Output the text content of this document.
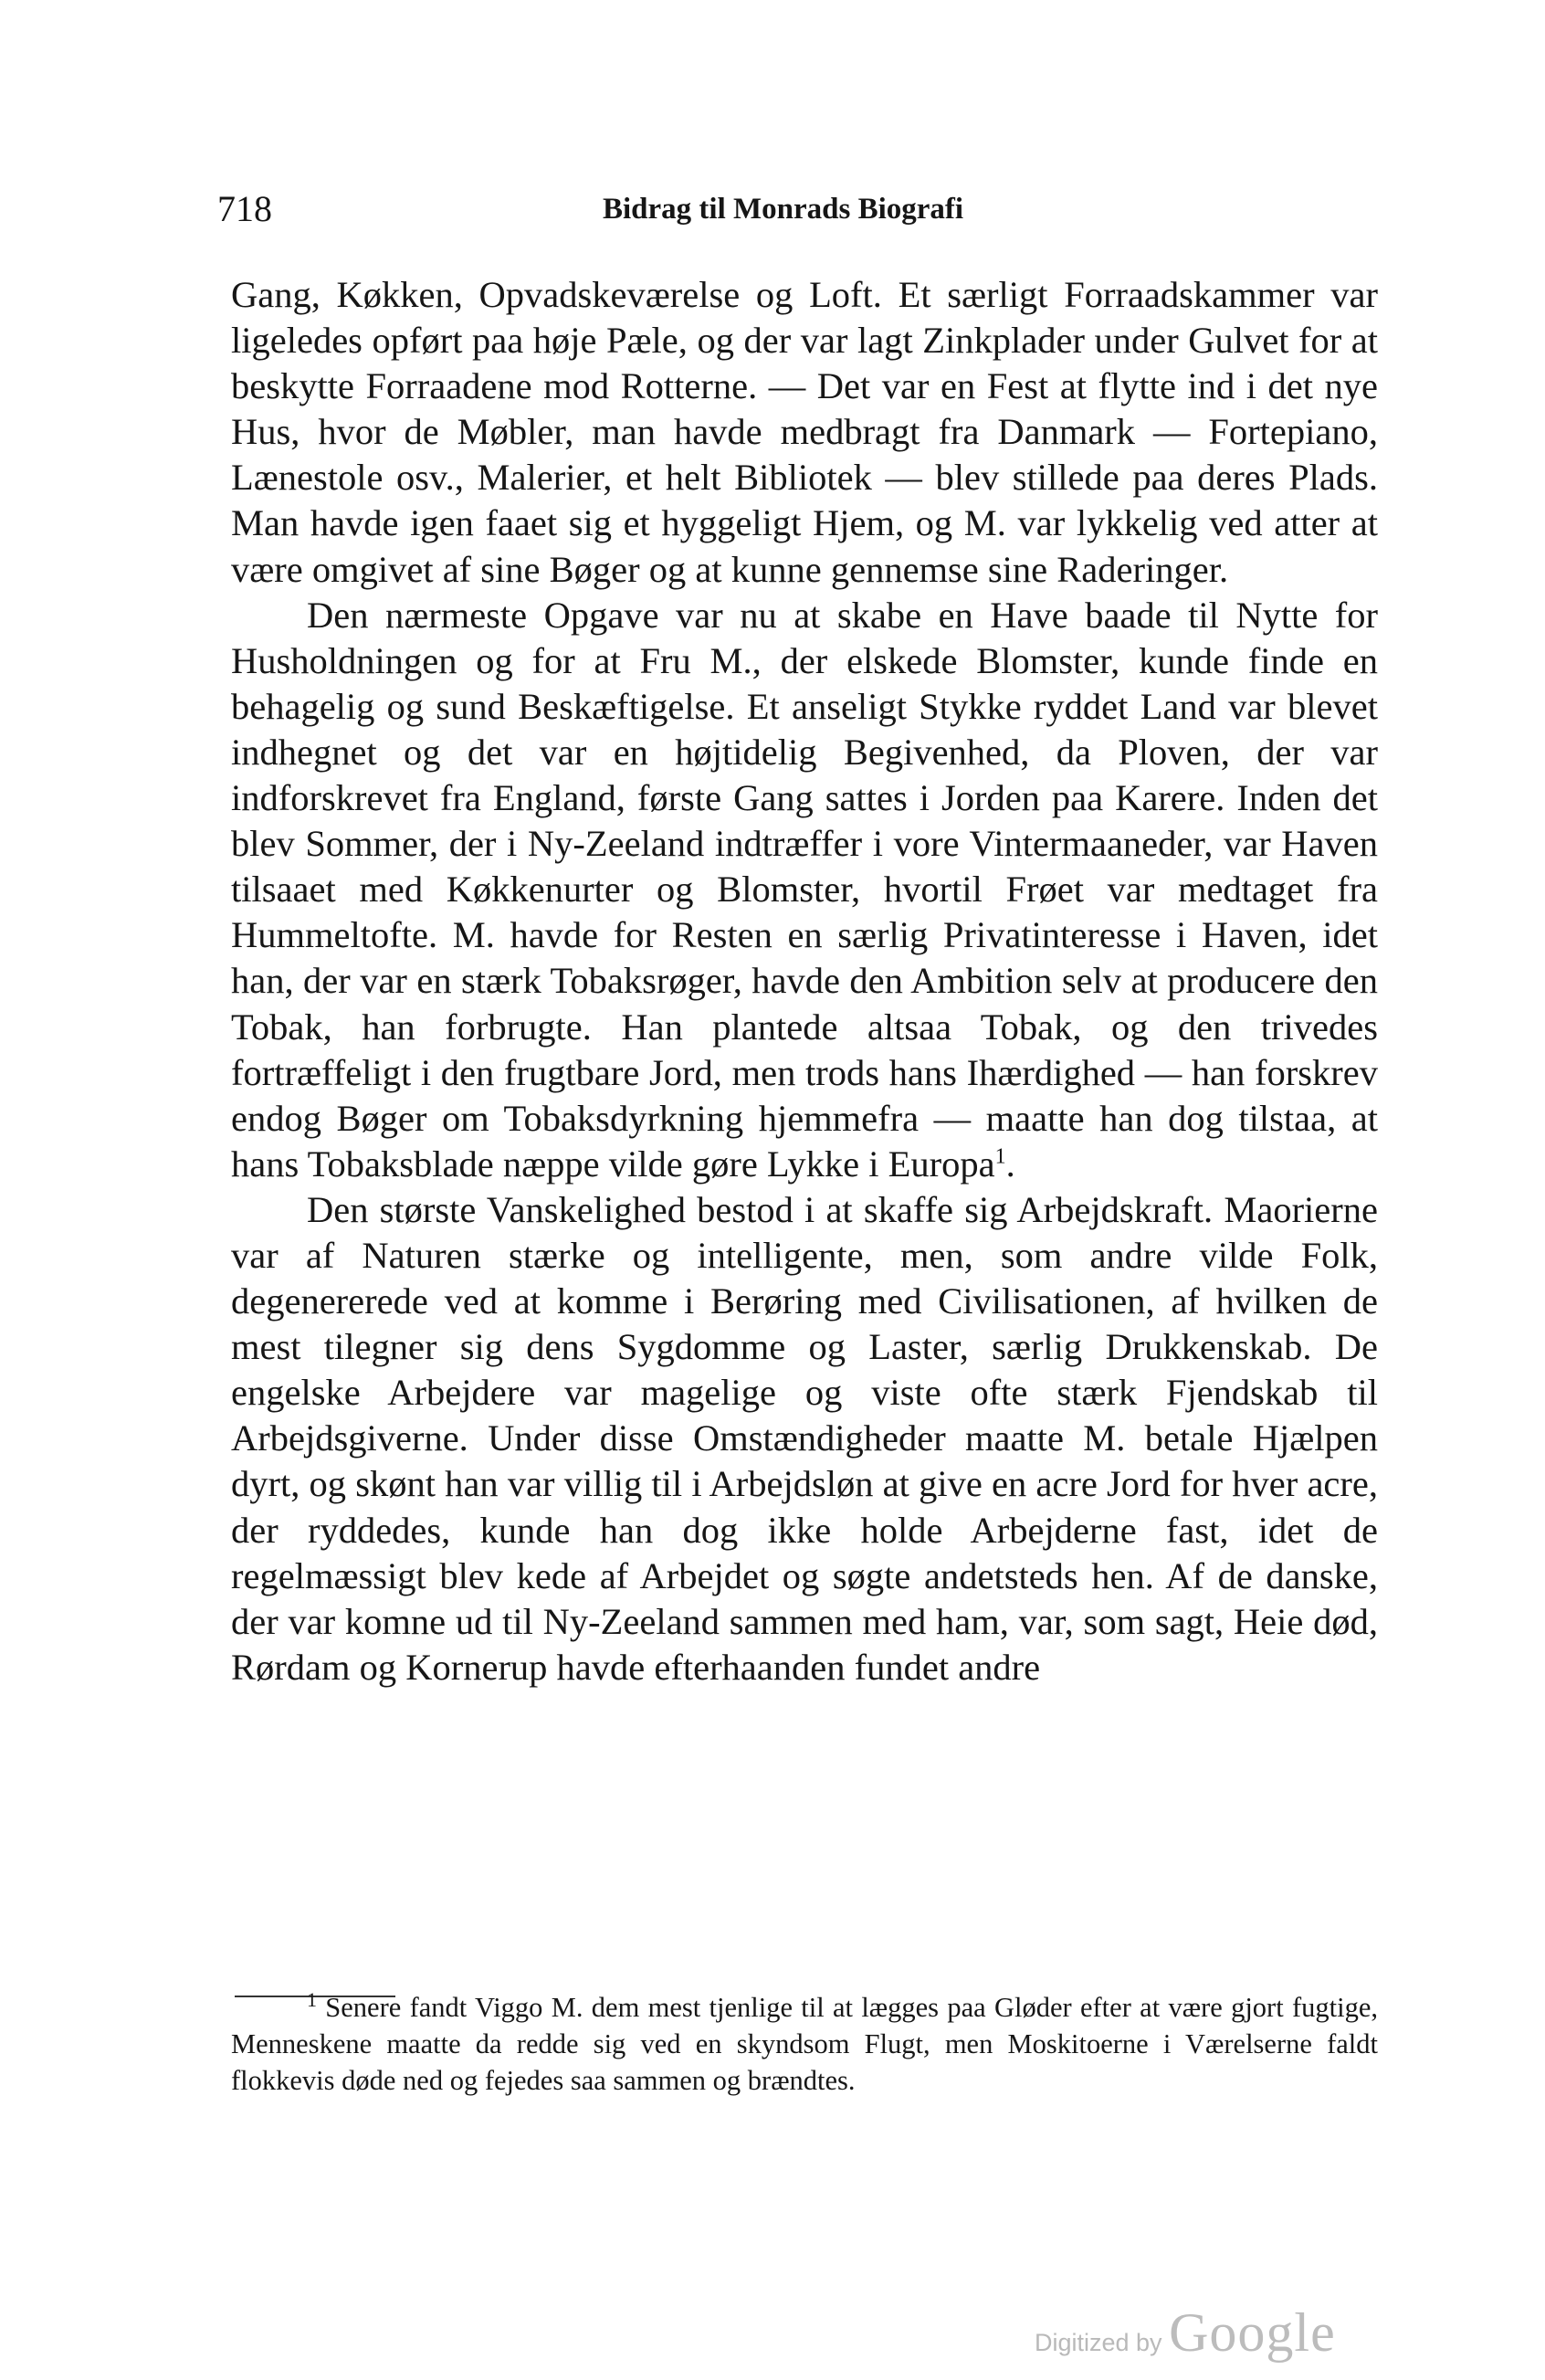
718	Bidrag til Monrads Biografi

Gang, Køkken, Opvadskeværelse og Loft. Et særligt Forraadskammer var ligeledes opført paa høje Pæle, og der var lagt Zinkplader under Gulvet for at beskytte Forraadene mod Rotterne. — Det var en Fest at flytte ind i det nye Hus, hvor de Møbler, man havde medbragt fra Danmark — Fortepiano, Lænestole osv., Malerier, et helt Bibliotek — blev stillede paa deres Plads. Man havde igen faaet sig et hyggeligt Hjem, og M. var lykkelig ved atter at være omgivet af sine Bøger og at kunne gennemse sine Raderinger.

Den nærmeste Opgave var nu at skabe en Have baade til Nytte for Husholdningen og for at Fru M., der elskede Blomster, kunde finde en behagelig og sund Beskæftigelse. Et anseligt Stykke ryddet Land var blevet indhegnet og det var en højtidelig Begivenhed, da Ploven, der var indforskrevet fra England, første Gang sattes i Jorden paa Karere. Inden det blev Sommer, der i Ny-Zeeland indtræffer i vore Vintermaaneder, var Haven tilsaaet med Køkkenurter og Blomster, hvortil Frøet var medtaget fra Hummeltofte. M. havde for Resten en særlig Privatinteresse i Haven, idet han, der var en stærk Tobaksrøger, havde den Ambition selv at producere den Tobak, han forbrugte. Han plantede altsaa Tobak, og den trivedes fortræffeligt i den frugtbare Jord, men trods hans Ihærdighed — han forskrev endog Bøger om Tobaksdyrkning hjemmefra — maatte han dog tilstaa, at hans Tobaksblade næppe vilde gøre Lykke i Europa$^1$.

Den største Vanskelighed bestod i at skaffe sig Arbejdskraft. Maorierne var af Naturen stærke og intelligente, men, som andre vilde Folk, degenererede ved at komme i Berøring med Civilisationen, af hvilken de mest tilegner sig dens Sygdomme og Laster, særlig Drukkenskab. De engelske Arbejdere var magelige og viste ofte stærk Fjendskab til Arbejdsgiverne. Under disse Omstændigheder maatte M. betale Hjælpen dyrt, og skønt han var villig til i Arbejdsløn at give en acre Jord for hver acre, der ryddedes, kunde han dog ikke holde Arbejderne fast, idet de regelmæssigt blev kede af Arbejdet og søgte andetsteds hen. Af de danske, der var komne ud til Ny-Zeeland sammen med ham, var, som sagt, Heie død, Rørdam og Kornerup havde efterhaanden fundet andre

$^1$ Senere fandt Viggo M. dem mest tjenlige til at lægges paa Gløder efter at være gjort fugtige, Menneskene maatte da redde sig ved en skyndsom Flugt, men Moskitoerne i Værelserne faldt flokkevis døde ned og fejedes saa sammen og brændtes.

Digitized by Google
